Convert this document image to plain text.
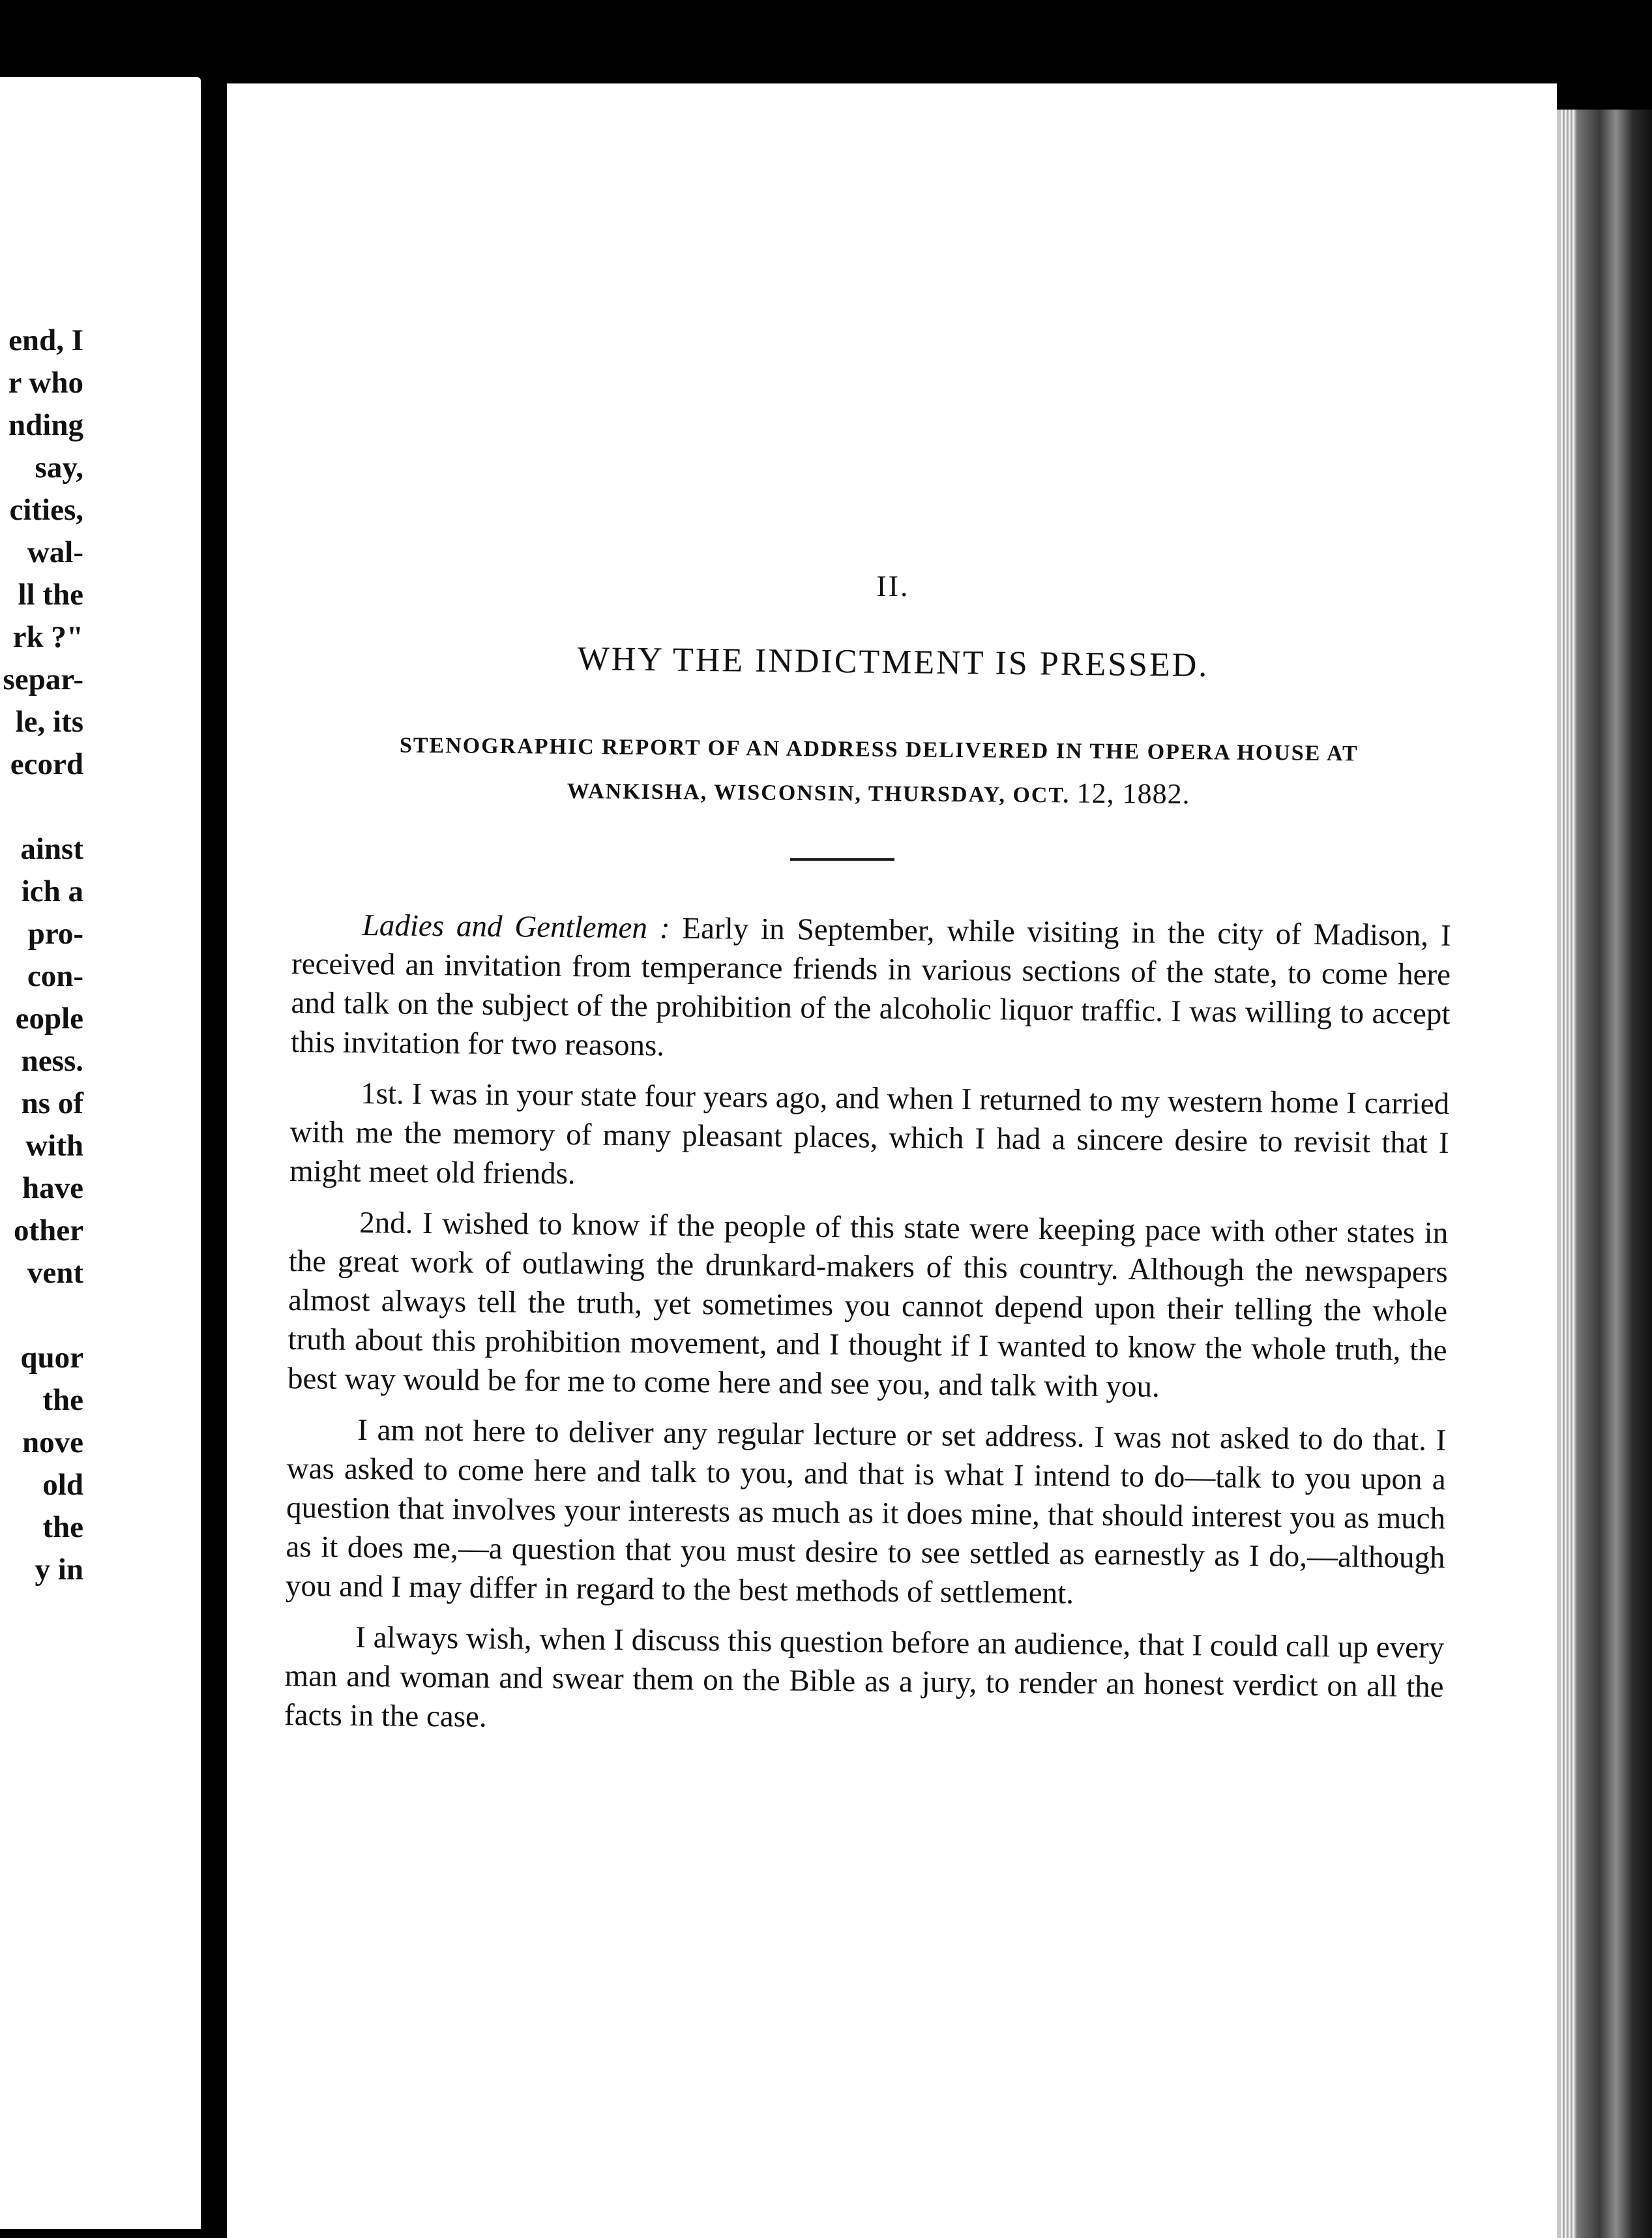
end, I
r who
nding
say,
cities,
wal-
ll the
rk ?"
separ-
le, its
ecord
ainst
ich a
pro-
con-
eople
ness.
ns of
with
have
other
vent
quor
the
nove
old
the
y in
II.
WHY THE INDICTMENT IS PRESSED.
STENOGRAPHIC REPORT OF AN ADDRESS DELIVERED IN THE OPERA HOUSE AT
WANKISHA, WISCONSIN, THURSDAY, OCT. 12, 1882.

Ladies and Gentlemen : Early in September, while visiting in the city of Madison, I received an invitation from temperance friends in various sections of the state, to come here and talk on the subject of the prohibition of the alcoholic liquor traffic. I was willing to accept this invitation for two reasons.

1st. I was in your state four years ago, and when I returned to my western home I carried with me the memory of many pleasant places, which I had a sincere desire to revisit that I might meet old friends.

2nd. I wished to know if the people of this state were keeping pace with other states in the great work of outlawing the drunkard-makers of this country. Although the newspapers almost always tell the truth, yet sometimes you cannot depend upon their telling the whole truth about this prohibition movement, and I thought if I wanted to know the whole truth, the best way would be for me to come here and see you, and talk with you.

I am not here to deliver any regular lecture or set address. I was not asked to do that. I was asked to come here and talk to you, and that is what I intend to do—talk to you upon a question that involves your interests as much as it does mine, that should interest you as much as it does me,—a question that you must desire to see settled as earnestly as I do,—although you and I may differ in regard to the best methods of settlement.

I always wish, when I discuss this question before an audience, that I could call up every man and woman and swear them on the Bible as a jury, to render an honest verdict on all the facts in the case.
